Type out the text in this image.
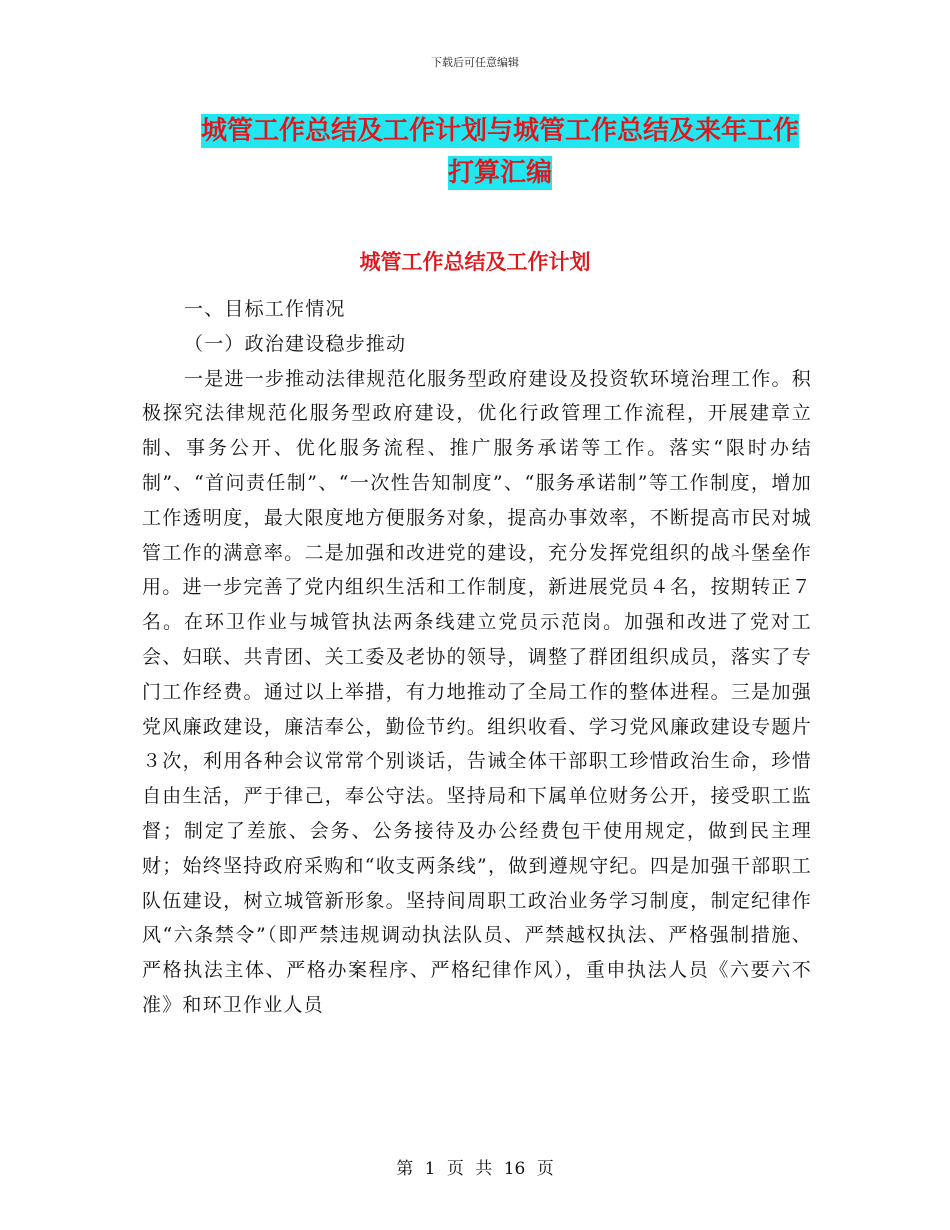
下载后可任意编辑
城管工作总结及工作计划与城管工作总结及来年工作
打算汇编
城管工作总结及工作计划

一、目标工作情况

（一）政治建设稳步推动

一是进一步推动法律规范化服务型政府建设及投资软环境治理工作。积极探究法律规范化服务型政府建设，优化行政管理工作流程，开展建章立制、事务公开、优化服务流程、推广服务承诺等工作。落实“限时办结制”、“首问责任制”、“一次性告知制度”、“服务承诺制”等工作制度，增加工作透明度，最大限度地方便服务对象，提高办事效率，不断提高市民对城管工作的满意率。二是加强和改进党的建设，充分发挥党组织的战斗堡垒作用。进一步完善了党内组织生活和工作制度，新进展党员４名，按期转正７名。在环卫作业与城管执法两条线建立党员示范岗。加强和改进了党对工会、妇联、共青团、关工委及老协的领导，调整了群团组织成员，落实了专门工作经费。通过以上举措，有力地推动了全局工作的整体进程。三是加强党风廉政建设，廉洁奉公，勤俭节约。组织收看、学习党风廉政建设专题片３次，利用各种会议常常个别谈话，告诫全体干部职工珍惜政治生命，珍惜自由生活，严于律己，奉公守法。坚持局和下属单位财务公开，接受职工监督；制定了差旅、会务、公务接待及办公经费包干使用规定，做到民主理财；始终坚持政府采购和“收支两条线”，做到遵规守纪。四是加强干部职工队伍建设，树立城管新形象。坚持间周职工政治业务学习制度，制定纪律作风“六条禁令”（即严禁违规调动执法队员、严禁越权执法、严格强制措施、严格执法主体、严格办案程序、严格纪律作风），重申执法人员《六要六不准》和环卫作业人员

第 1 页 共 16 页
